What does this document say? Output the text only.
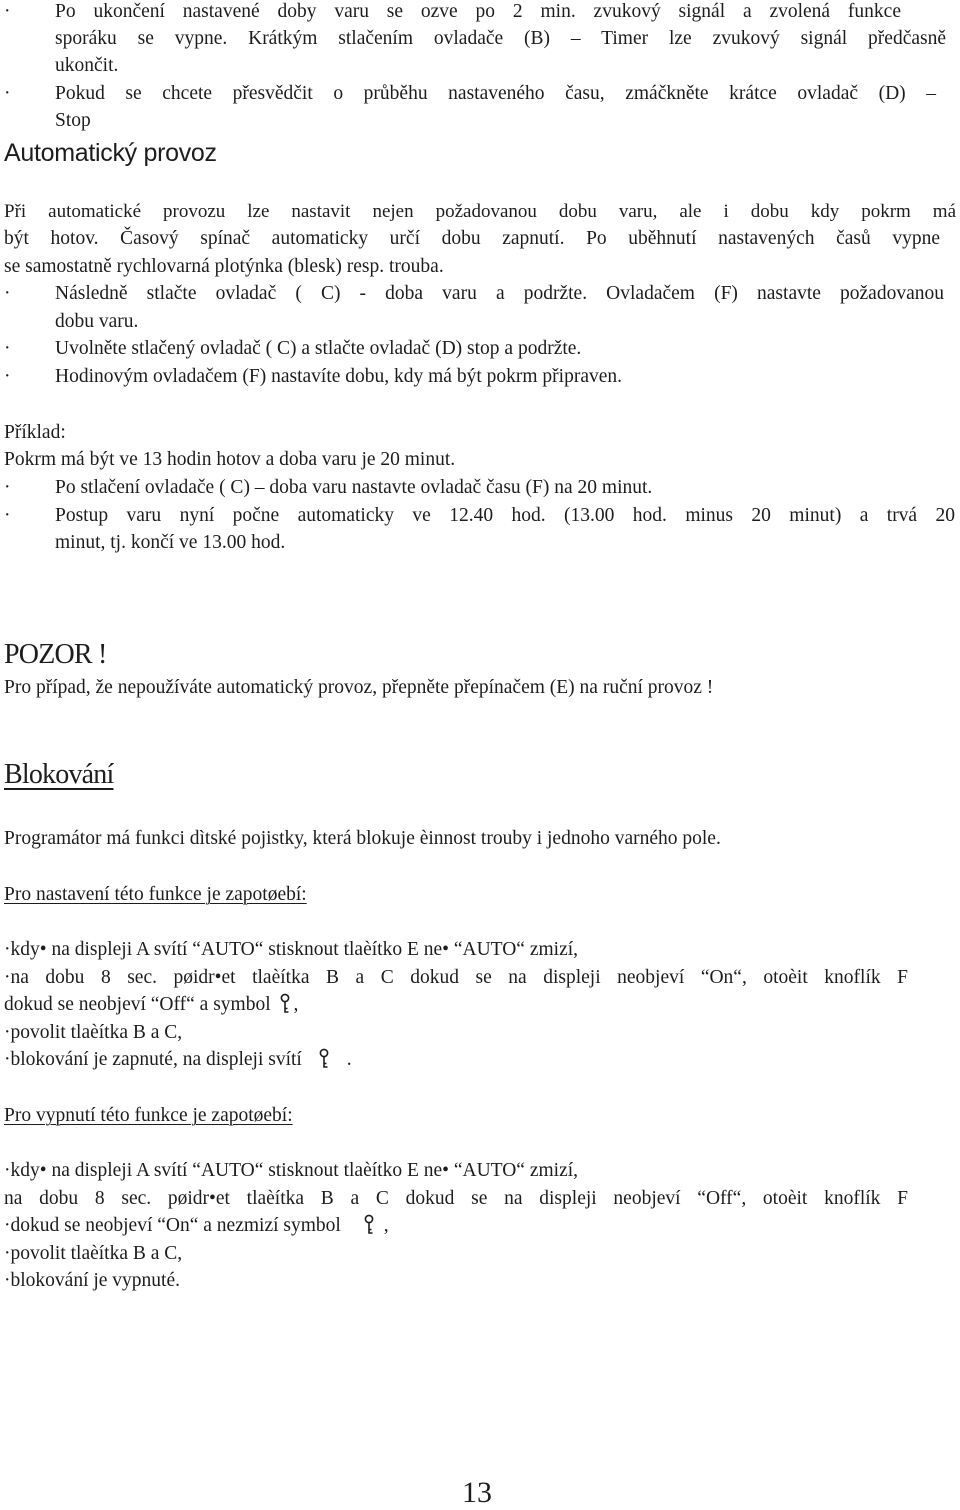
· Po ukončení nastavené doby varu se ozve po 2 min. zvukový signál a zvolená funkce
sporáku se vypne. Krátkým stlačením ovladače (B) – Timer lze zvukový signál předčasně
ukončit.
· Pokud se chcete přesvědčit o průběhu nastaveného času, zmáčkněte krátce ovladač (D) –
Stop
Automatický provoz
Při automatické provozu lze nastavit nejen požadovanou dobu varu, ale i dobu kdy pokrm má
být hotov. Časový spínač automaticky určí dobu zapnutí. Po uběhnutí nastavených časů vypne
se samostatně rychlovarná plotýnka (blesk) resp. trouba.
· Následně stlačte ovladač ( C) - doba varu a podržte. Ovladačem (F) nastavte požadovanou
dobu varu.
· Uvolněte stlačený ovladač ( C) a stlačte ovladač (D) stop a podržte.
· Hodinovým ovladačem (F) nastavíte dobu, kdy má být pokrm připraven.
Příklad:
Pokrm má být ve 13 hodin hotov a doba varu je 20 minut.
· Po stlačení ovladače ( C) – doba varu nastavte ovladač času (F) na 20 minut.
· Postup varu nyní počne automaticky ve 12.40 hod. (13.00 hod. minus 20 minut) a trvá 20
minut, tj. končí ve 13.00 hod.
POZOR !
Pro případ, že nepoužíváte automatický provoz, přepněte přepínačem (E) na ruční provoz !
Blokování
Programátor má funkci dìtské pojistky, která blokuje èinnost trouby i jednoho varného pole.
Pro nastavení této funkce je zapotøebí:
·kdy• na displeji A svítí “AUTO“ stisknout tlaèítko E ne• “AUTO“ zmizí,
·na dobu 8 sec. pøidr•et tlaèítka B a C dokud se na displeji neobjeví “On“, otoèit knoflík F
dokud se neobjeví “Off“ a symbol ,
·povolit tlaèítka B a C,
·blokování je zapnuté, na displeji svítí .
Pro vypnutí této funkce je zapotøebí:
·kdy• na displeji A svítí “AUTO“ stisknout tlaèítko E ne• “AUTO“ zmizí,
na dobu 8 sec. pøidr•et tlaèítka B a C dokud se na displeji neobjeví “Off“, otoèit knoflík F
·dokud se neobjeví “On“ a nezmizí symbol ,
·povolit tlaèítka B a C,
·blokování je vypnuté.
13
